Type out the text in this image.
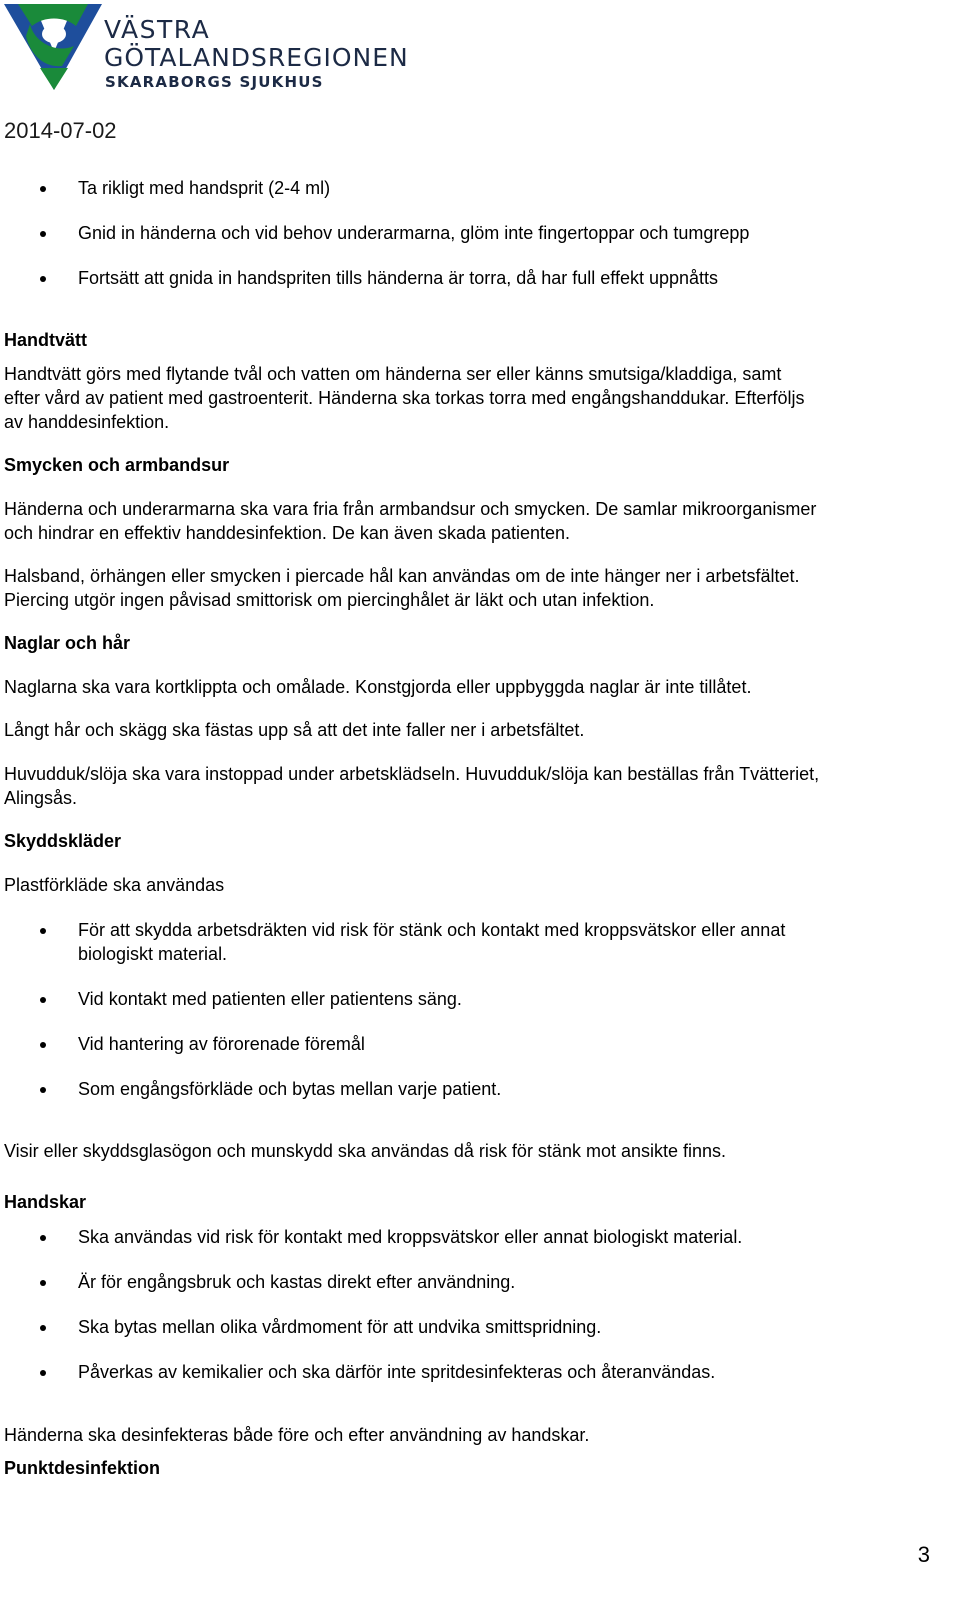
VÄSTRA
GÖTALANDSREGIONEN
SKARABORGS SJUKHUS
2014-07-02
Ta rikligt med handsprit (2-4 ml)
Gnid in händerna och vid behov underarmarna, glöm inte fingertoppar och tumgrepp
Fortsätt att gnida in handspriten tills händerna är torra, då har full effekt uppnåtts
Handtvätt
Handtvätt görs med flytande tvål och vatten om händerna ser eller känns smutsiga/kladdiga, samt
efter vård av patient med gastroenterit. Händerna ska torkas torra med engångshanddukar. Efterföljs
av handdesinfektion.
Smycken och armbandsur
Händerna och underarmarna ska vara fria från armbandsur och smycken. De samlar mikroorganismer
och hindrar en effektiv handdesinfektion. De kan även skada patienten.
Halsband, örhängen eller smycken i piercade hål kan användas om de inte hänger ner i arbetsfältet.
Piercing utgör ingen påvisad smittorisk om piercinghålet är läkt och utan infektion.
Naglar och hår
Naglarna ska vara kortklippta och omålade. Konstgjorda eller uppbyggda naglar är inte tillåtet.
Långt hår och skägg ska fästas upp så att det inte faller ner i arbetsfältet.
Huvudduk/slöja ska vara instoppad under arbetsklädseln. Huvudduk/slöja kan beställas från Tvätteriet,
Alingsås.
Skyddskläder
Plastförkläde ska användas
För att skydda arbetsdräkten vid risk för stänk och kontakt med kroppsvätskor eller annat
biologiskt material.
Vid kontakt med patienten eller patientens säng.
Vid hantering av förorenade föremål
Som engångsförkläde och bytas mellan varje patient.
Visir eller skyddsglasögon och munskydd ska användas då risk för stänk mot ansikte finns.
Handskar
Ska användas vid risk för kontakt med kroppsvätskor eller annat biologiskt material.
Är för engångsbruk och kastas direkt efter användning.
Ska bytas mellan olika vårdmoment för att undvika smittspridning.
Påverkas av kemikalier och ska därför inte spritdesinfekteras och återanvändas.
Händerna ska desinfekteras både före och efter användning av handskar.
Punktdesinfektion
3
